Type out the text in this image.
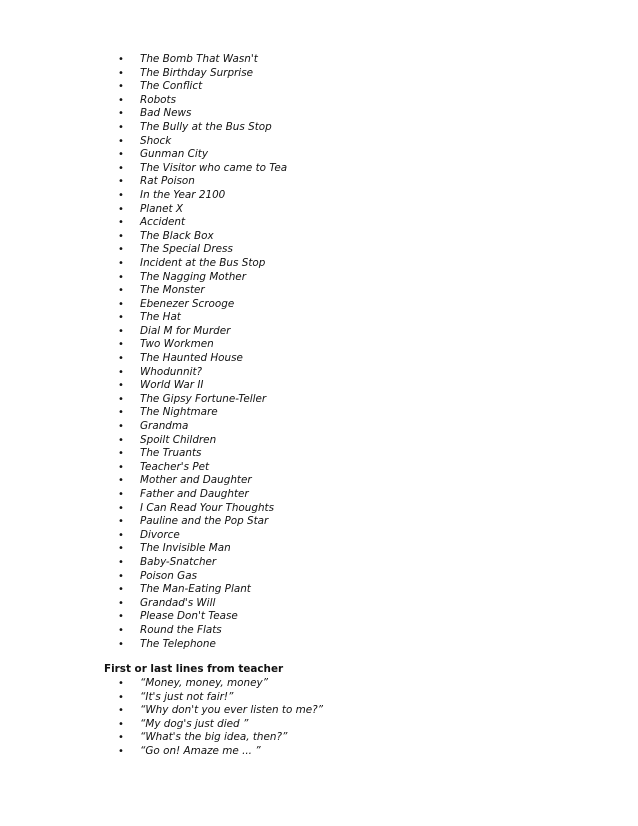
• The Bomb That Wasn't
• The Birthday Surprise
• The Conflict
• Robots
• Bad News
• The Bully at the Bus Stop
• Shock
• Gunman City
• The Visitor who came to Tea
• Rat Poison
• In the Year 2100
• Planet X
• Accident
• The Black Box
• The Special Dress
• Incident at the Bus Stop
• The Nagging Mother
• The Monster
• Ebenezer Scrooge
• The Hat
• Dial M for Murder
• Two Workmen
• The Haunted House
• Whodunnit?
• World War II
• The Gipsy Fortune-Teller
• The Nightmare
• Grandma
• Spoilt Children
• The Truants
• Teacher's Pet
• Mother and Daughter
• Father and Daughter
• I Can Read Your Thoughts
• Pauline and the Pop Star
• Divorce
• The Invisible Man
• Baby-Snatcher
• Poison Gas
• The Man-Eating Plant
• Grandad's Will
• Please Don't Tease
• Round the Flats
• The Telephone
First or last lines from teacher
• “Money, money, money”
• “It's just not fair!”
• “Why don't you ever listen to me?”
• “My dog's just died ”
• “What's the big idea, then?”
• “Go on! Amaze me ... ”
